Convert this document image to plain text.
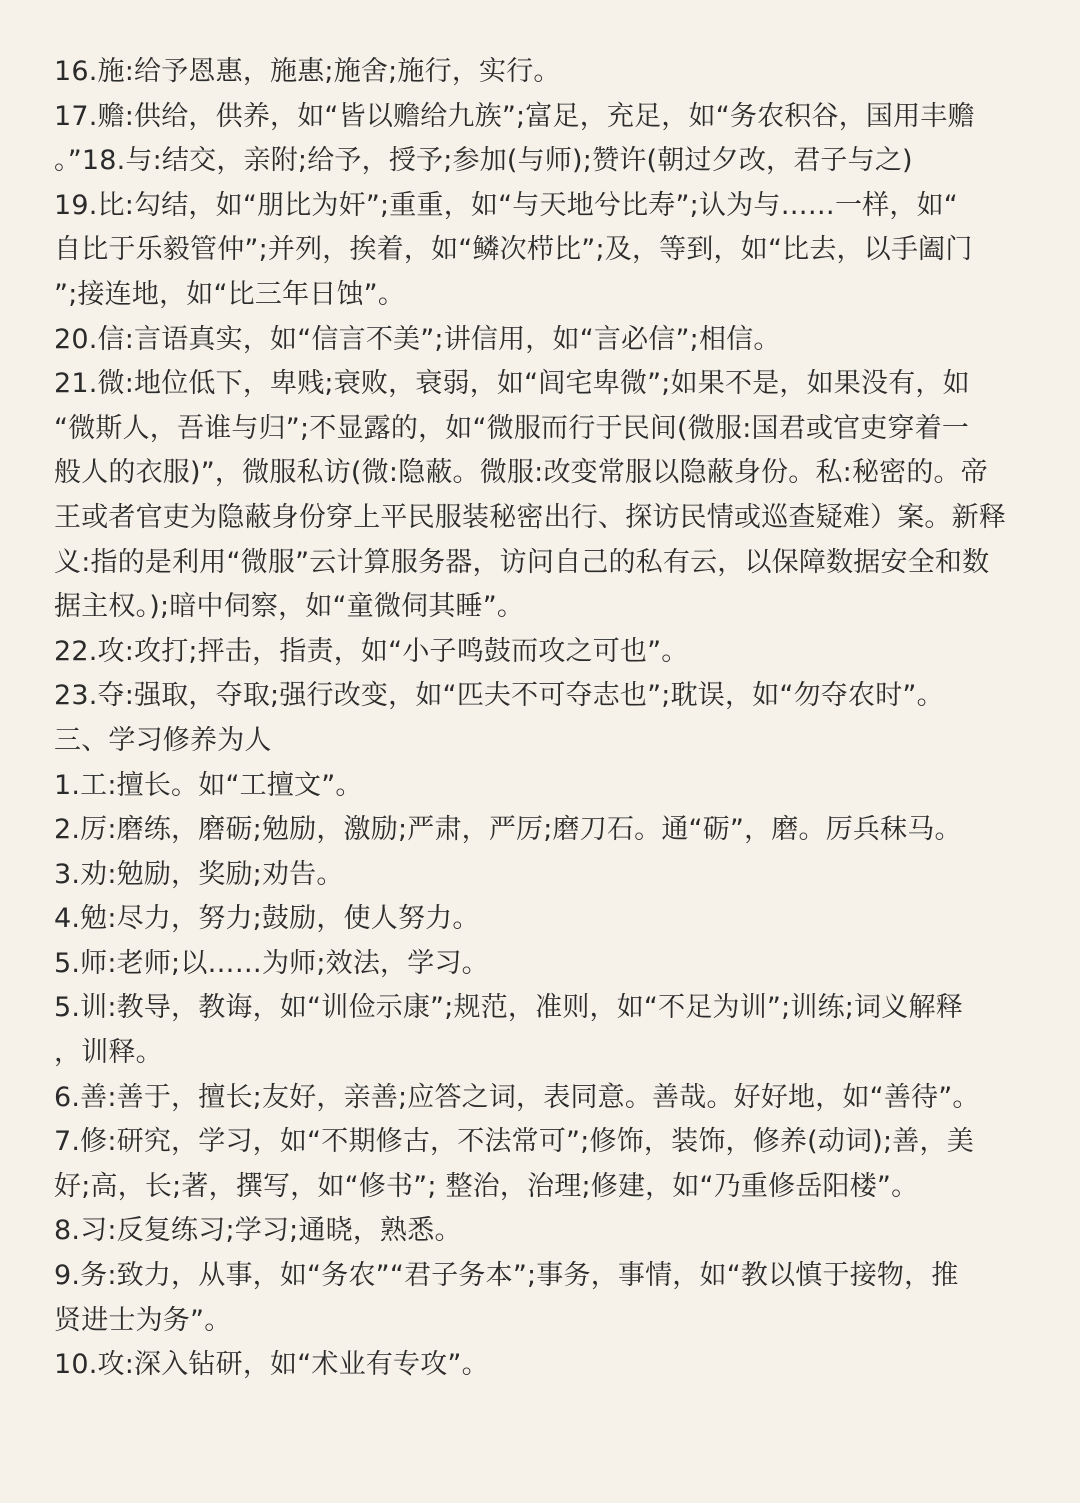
16.施:给予恩惠，施惠;施舍;施行，实行。
17.赡:供给，供养，如“皆以赡给九族”;富足，充足，如“务农积谷，国用丰赡
。”18.与:结交，亲附;给予，授予;参加(与师);赞许(朝过夕改，君子与之)
19.比:勾结，如“朋比为奸”;重重，如“与天地兮比寿”;认为与……一样，如“
自比于乐毅管仲”;并列，挨着，如“鳞次栉比”;及，等到，如“比去，以手阖门
”;接连地，如“比三年日蚀”。
20.信:言语真实，如“信言不美”;讲信用，如“言必信”;相信。
21.微:地位低下，卑贱;衰败，衰弱，如“闾宅卑微”;如果不是，如果没有，如
“微斯人，吾谁与归”;不显露的，如“微服而行于民间(微服:国君或官吏穿着一
般人的衣服)”，微服私访(微:隐蔽。微服:改变常服以隐蔽身份。私:秘密的。帝
王或者官吏为隐蔽身份穿上平民服装秘密出行、探访民情或巡查疑难）案。新释
义:指的是利用“微服”云计算服务器，访问自己的私有云，以保障数据安全和数
据主权。);暗中伺察，如“童微伺其睡”。
22.攻:攻打;抨击，指责，如“小子鸣鼓而攻之可也”。
23.夺:强取，夺取;强行改变，如“匹夫不可夺志也”;耽误，如“勿夺农时”。
三、学习修养为人
1.工:擅长。如“工擅文”。
2.厉:磨练，磨砺;勉励，激励;严肃，严厉;磨刀石。通“砺”，磨。厉兵秣马。
3.劝:勉励，奖励;劝告。
4.勉:尽力，努力;鼓励，使人努力。
5.师:老师;以……为师;效法，学习。
5.训:教导，教诲，如“训俭示康”;规范，准则，如“不足为训”;训练;词义解释
，训释。
6.善:善于，擅长;友好，亲善;应答之词，表同意。善哉。好好地，如“善待”。
7.修:研究，学习，如“不期修古，不法常可”;修饰，装饰，修养(动词);善，美
好;高，长;著，撰写，如“修书”; 整治，治理;修建，如“乃重修岳阳楼”。
8.习:反复练习;学习;通晓，熟悉。
9.务:致力，从事，如“务农”“君子务本”;事务，事情，如“教以慎于接物，推
贤进士为务”。
10.攻:深入钻研，如“术业有专攻”。
